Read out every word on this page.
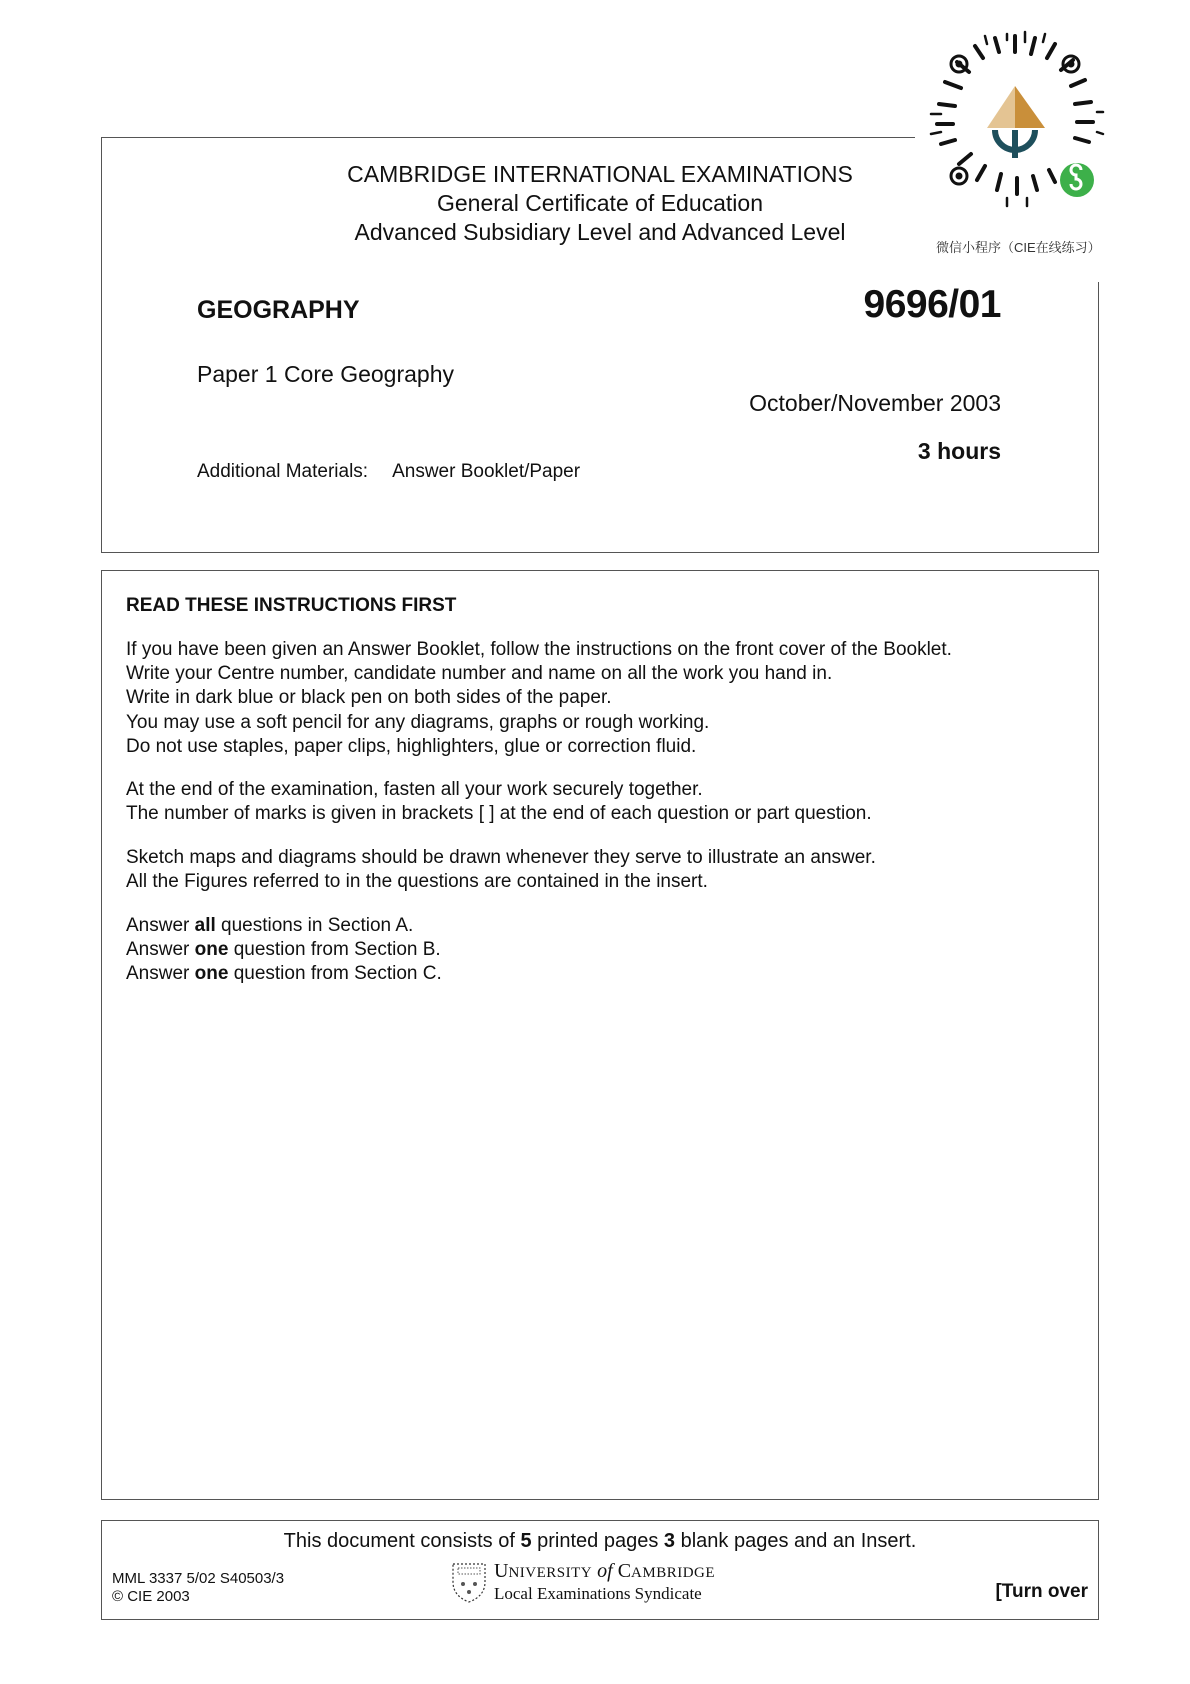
CAMBRIDGE INTERNATIONAL EXAMINATIONS
General Certificate of Education
Advanced Subsidiary Level and Advanced Level
GEOGRAPHY	9696/01
Paper 1 Core Geography
October/November 2003
3 hours
Additional Materials: Answer Booklet/Paper
微信小程序（CIE在线练习）
READ THESE INSTRUCTIONS FIRST
If you have been given an Answer Booklet, follow the instructions on the front cover of the Booklet.
Write your Centre number, candidate number and name on all the work you hand in.
Write in dark blue or black pen on both sides of the paper.
You may use a soft pencil for any diagrams, graphs or rough working.
Do not use staples, paper clips, highlighters, glue or correction fluid.
At the end of the examination, fasten all your work securely together.
The number of marks is given in brackets [ ] at the end of each question or part question.
Sketch maps and diagrams should be drawn whenever they serve to illustrate an answer.
All the Figures referred to in the questions are contained in the insert.
Answer all questions in Section A.
Answer one question from Section B.
Answer one question from Section C.
This document consists of 5 printed pages 3 blank pages and an Insert.
MML 3337 5/02 S40503/3
© CIE 2003
UNIVERSITY of CAMBRIDGE
Local Examinations Syndicate	[Turn over
